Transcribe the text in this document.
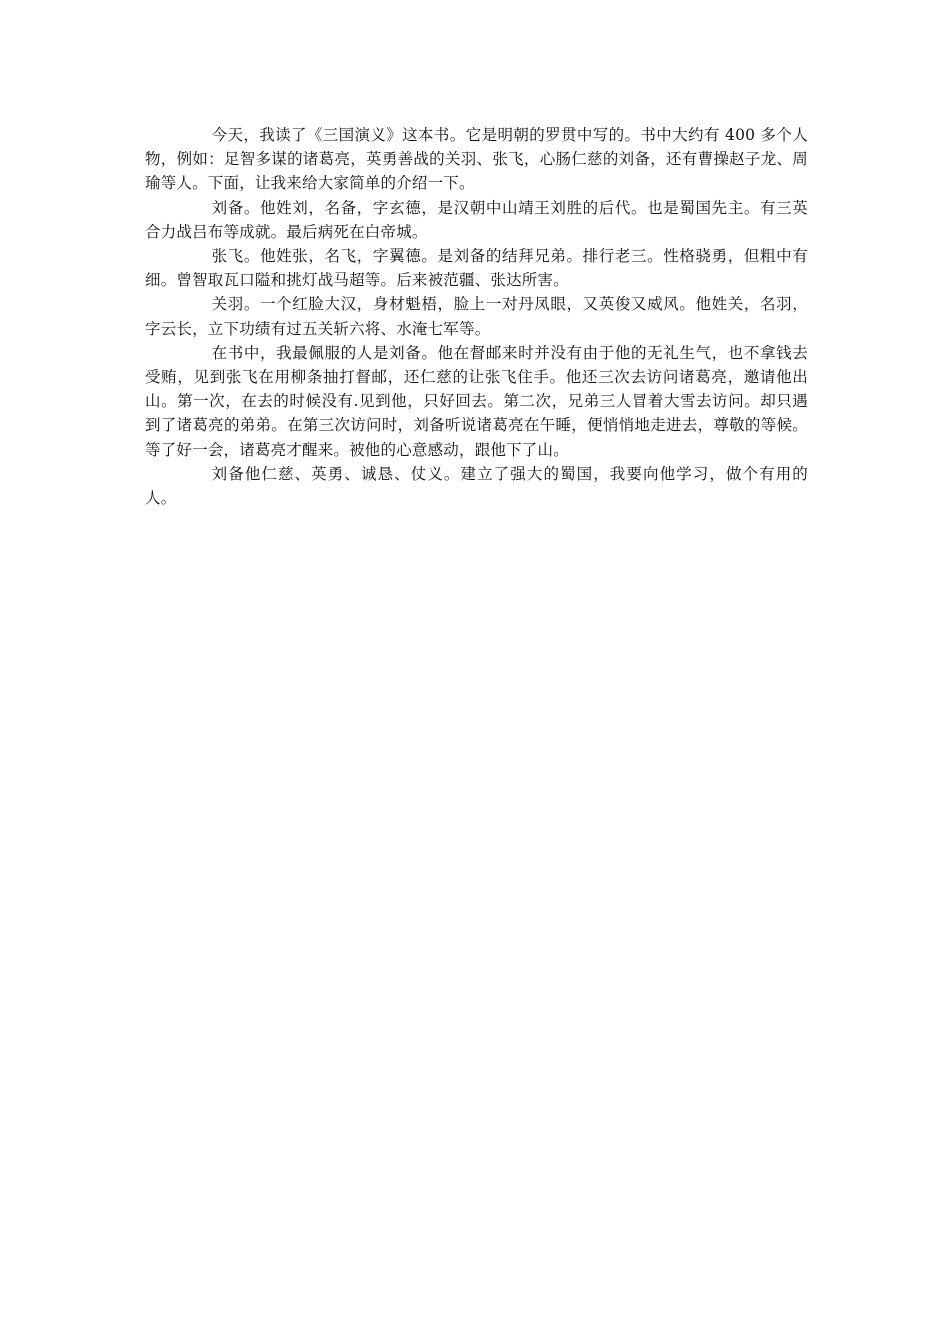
今天，我读了《三国演义》这本书。它是明朝的罗贯中写的。书中大约有 400 多个人物，例如：足智多谋的诸葛亮，英勇善战的关羽、张飞，心肠仁慈的刘备，还有曹操赵子龙、周瑜等人。下面，让我来给大家简单的介绍一下。

刘备。他姓刘，名备，字玄德，是汉朝中山靖王刘胜的后代。也是蜀国先主。有三英合力战吕布等成就。最后病死在白帝城。

张飞。他姓张，名飞，字翼德。是刘备的结拜兄弟。排行老三。性格骁勇，但粗中有细。曾智取瓦口隘和挑灯战马超等。后来被范疆、张达所害。

关羽。一个红脸大汉，身材魁梧，脸上一对丹凤眼，又英俊又威风。他姓关，名羽，字云长，立下功绩有过五关斩六将、水淹七军等。

在书中，我最佩服的人是刘备。他在督邮来时并没有由于他的无礼生气，也不拿钱去受贿，见到张飞在用柳条抽打督邮，还仁慈的让张飞住手。他还三次去访问诸葛亮，邀请他出山。第一次，在去的时候没有.见到他，只好回去。第二次，兄弟三人冒着大雪去访问。却只遇到了诸葛亮的弟弟。在第三次访问时，刘备听说诸葛亮在午睡，便悄悄地走进去，尊敬的等候。等了好一会，诸葛亮才醒来。被他的心意感动，跟他下了山。

刘备他仁慈、英勇、诚恳、仗义。建立了强大的蜀国，我要向他学习，做个有用的人。
